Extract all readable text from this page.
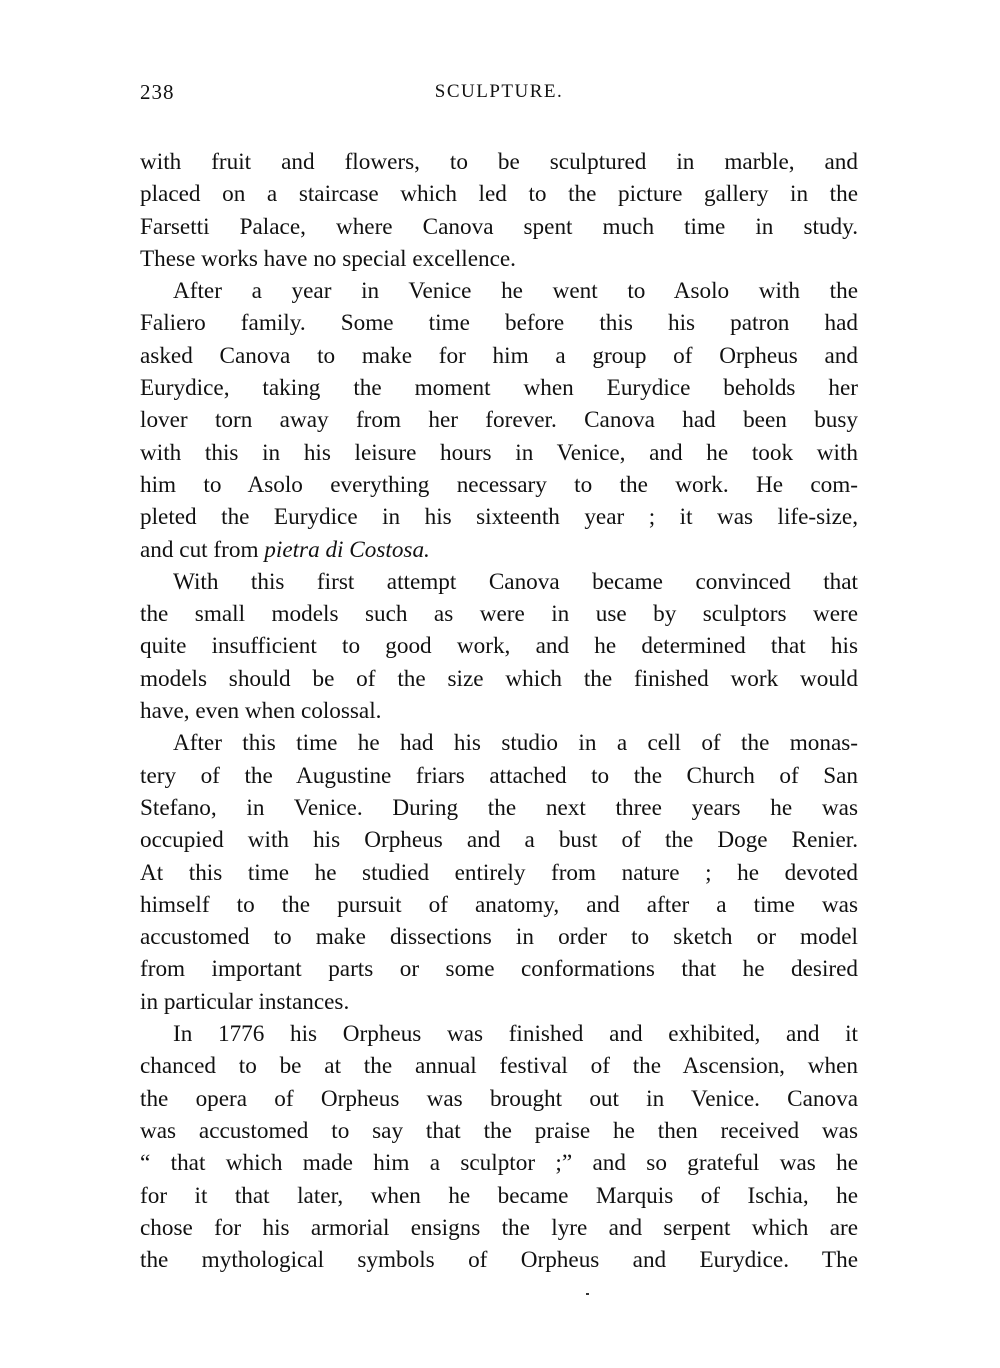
238	SCULPTURE.

with fruit and flowers, to be sculptured in marble, and
placed on a staircase which led to the picture gallery in the
Farsetti Palace, where Canova spent much time in study.
These works have no special excellence.

After a year in Venice he went to Asolo with the
Faliero family. Some time before this his patron had
asked Canova to make for him a group of Orpheus and
Eurydice, taking the moment when Eurydice beholds her
lover torn away from her forever. Canova had been busy
with this in his leisure hours in Venice, and he took with
him to Asolo everything necessary to the work. He com-
pleted the Eurydice in his sixteenth year ; it was life-size,
and cut from pietra di Costosa.

With this first attempt Canova became convinced that
the small models such as were in use by sculptors were
quite insufficient to good work, and he determined that his
models should be of the size which the finished work would
have, even when colossal.

After this time he had his studio in a cell of the monas-
tery of the Augustine friars attached to the Church of San
Stefano, in Venice. During the next three years he was
occupied with his Orpheus and a bust of the Doge Renier.
At this time he studied entirely from nature ; he devoted
himself to the pursuit of anatomy, and after a time was
accustomed to make dissections in order to sketch or model
from important parts or some conformations that he desired
in particular instances.

In 1776 his Orpheus was finished and exhibited, and it
chanced to be at the annual festival of the Ascension, when
the opera of Orpheus was brought out in Venice. Canova
was accustomed to say that the praise he then received was
“ that which made him a sculptor ;” and so grateful was he
for it that later, when he became Marquis of Ischia, he
chose for his armorial ensigns the lyre and serpent which are
the mythological symbols of Orpheus and Eurydice. The
